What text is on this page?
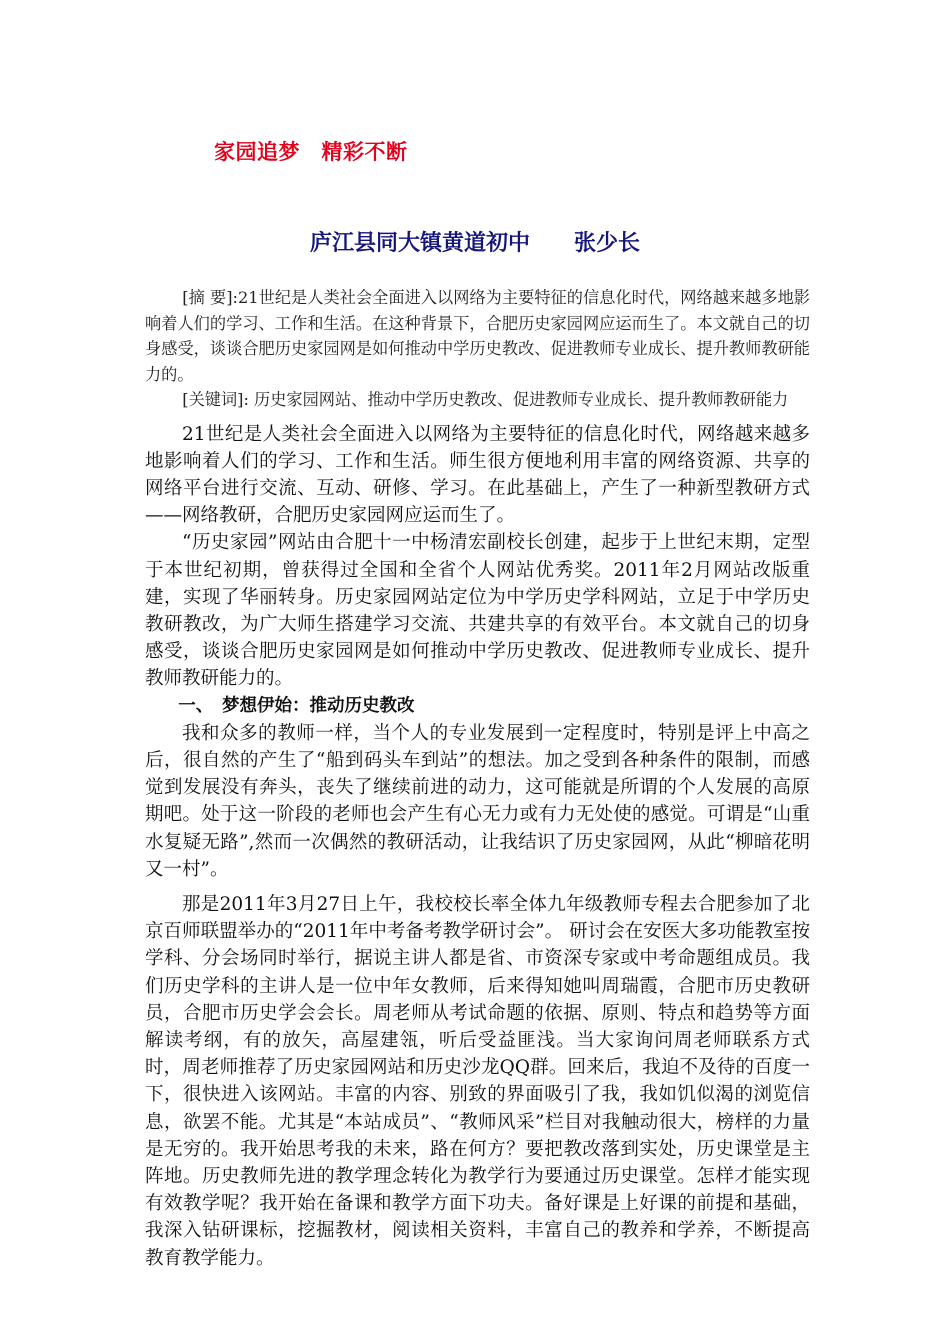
家园追梦　精彩不断
庐江县同大镇黄道初中　　张少长

[摘 要]:21世纪是人类社会全面进入以网络为主要特征的信息化时代，网络越来越多地影响着人们的学习、工作和生活。在这种背景下，合肥历史家园网应运而生了。本文就自己的切身感受，谈谈合肥历史家园网是如何推动中学历史教改、促进教师专业成长、提升教师教研能力的。

[关键词]: 历史家园网站、推动中学历史教改、促进教师专业成长、提升教师教研能力

21世纪是人类社会全面进入以网络为主要特征的信息化时代，网络越来越多地影响着人们的学习、工作和生活。师生很方便地利用丰富的网络资源、共享的网络平台进行交流、互动、研修、学习。在此基础上，产生了一种新型教研方式——网络教研，合肥历史家园网应运而生了。

“历史家园”网站由合肥十一中杨清宏副校长创建，起步于上世纪末期，定型于本世纪初期，曾获得过全国和全省个人网站优秀奖。2011年2月网站改版重建，实现了华丽转身。历史家园网站定位为中学历史学科网站，立足于中学历史教研教改，为广大师生搭建学习交流、共建共享的有效平台。本文就自己的切身感受，谈谈合肥历史家园网是如何推动中学历史教改、促进教师专业成长、提升教师教研能力的。

一、　梦想伊始：推动历史教改

我和众多的教师一样，当个人的专业发展到一定程度时，特别是评上中高之后，很自然的产生了“船到码头车到站”的想法。加之受到各种条件的限制，而感觉到发展没有奔头，丧失了继续前进的动力，这可能就是所谓的个人发展的高原期吧。处于这一阶段的老师也会产生有心无力或有力无处使的感觉。可谓是“山重水复疑无路”,然而一次偶然的教研活动，让我结识了历史家园网，从此“柳暗花明又一村”。

那是2011年3月27日上午，我校校长率全体九年级教师专程去合肥参加了北京百师联盟举办的“2011年中考备考教学研讨会”。 研讨会在安医大多功能教室按学科、分会场同时举行，据说主讲人都是省、市资深专家或中考命题组成员。我们历史学科的主讲人是一位中年女教师，后来得知她叫周瑞霞，合肥市历史教研员，合肥市历史学会会长。周老师从考试命题的依据、原则、特点和趋势等方面解读考纲，有的放矢，高屋建瓴，听后受益匪浅。当大家询问周老师联系方式时，周老师推荐了历史家园网站和历史沙龙QQ群。回来后，我迫不及待的百度一下，很快进入该网站。丰富的内容、别致的界面吸引了我，我如饥似渴的浏览信息，欲罢不能。尤其是“本站成员”、“教师风采”栏目对我触动很大，榜样的力量是无穷的。我开始思考我的未来，路在何方？要把教改落到实处，历史课堂是主阵地。历史教师先进的教学理念转化为教学行为要通过历史课堂。怎样才能实现有效教学呢？我开始在备课和教学方面下功夫。备好课是上好课的前提和基础，我深入钻研课标，挖掘教材，阅读相关资料，丰富自己的教养和学养，不断提高教育教学能力。
